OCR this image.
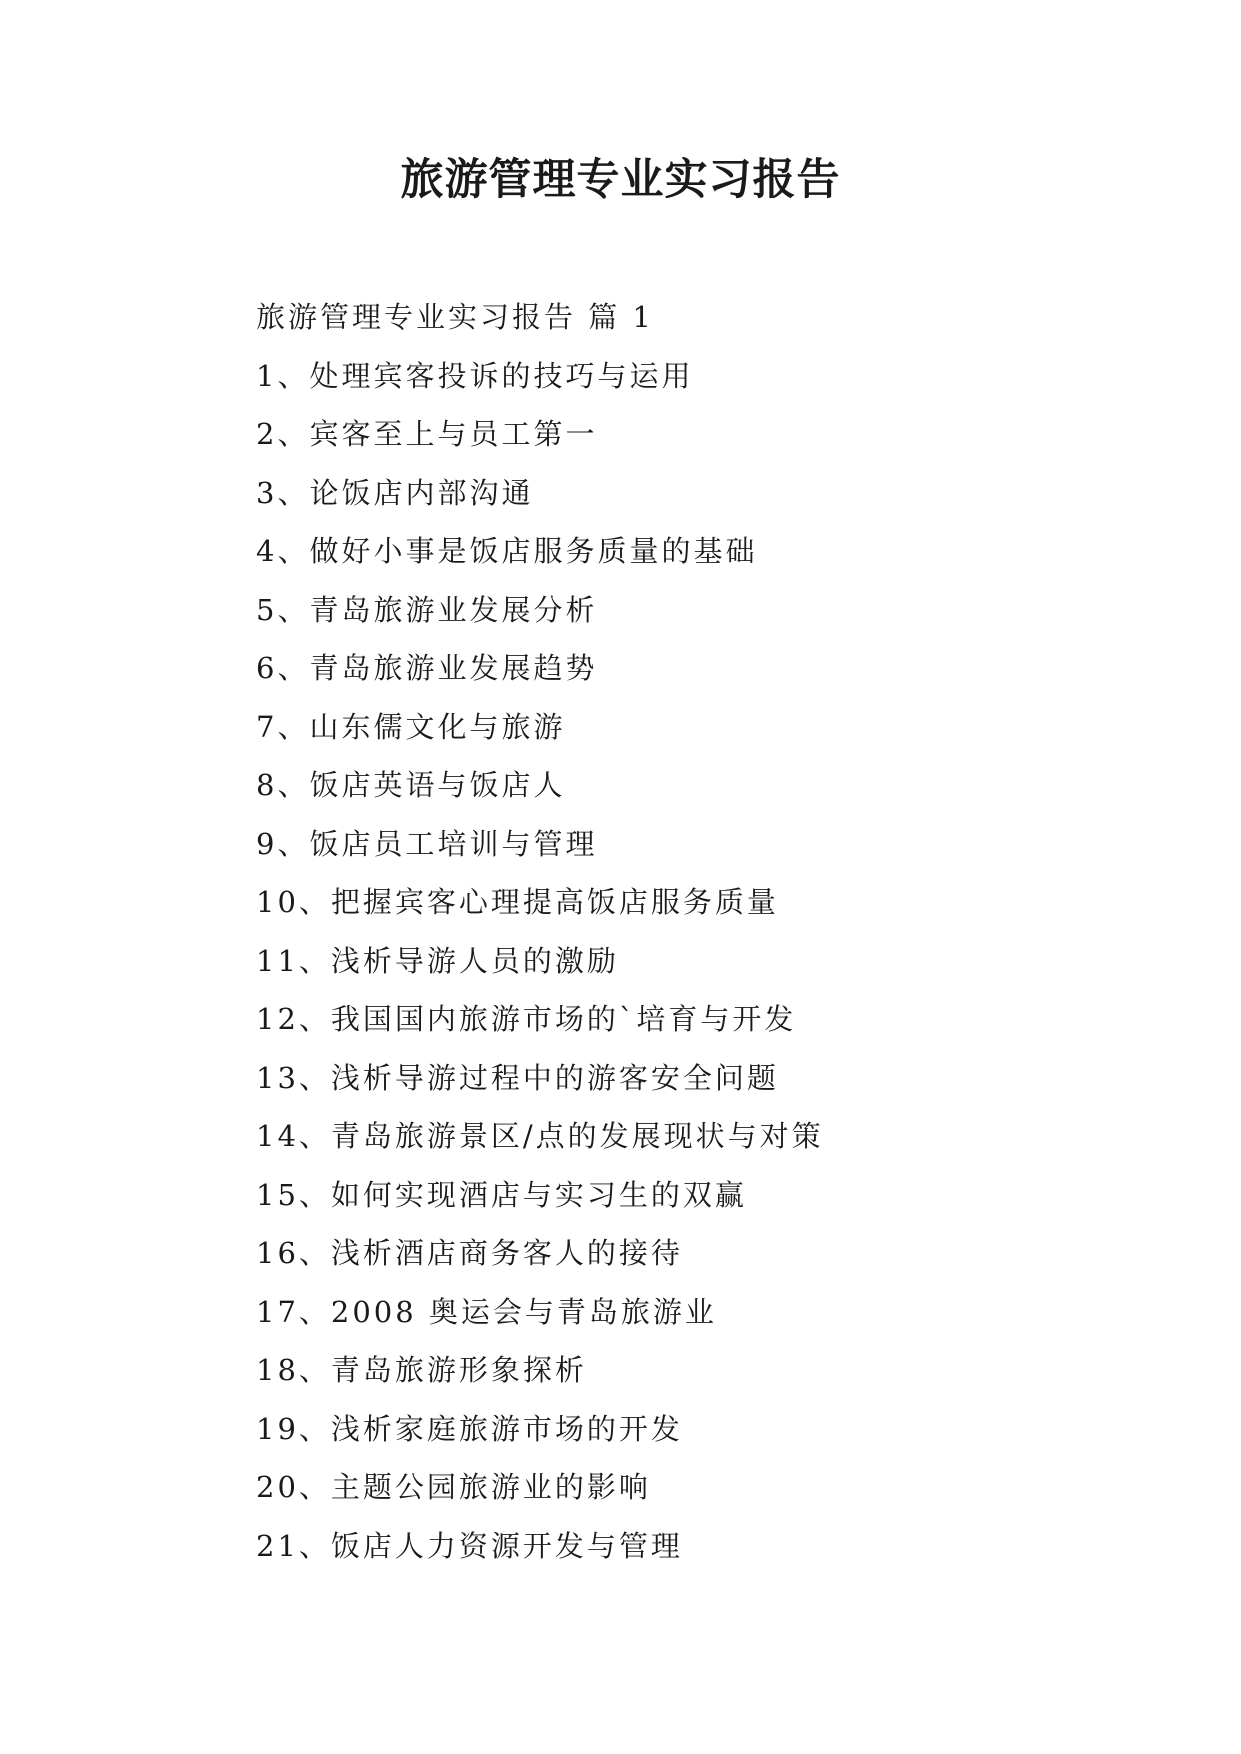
旅游管理专业实习报告
旅游管理专业实习报告 篇 1
1、处理宾客投诉的技巧与运用
2、宾客至上与员工第一
3、论饭店内部沟通
4、做好小事是饭店服务质量的基础
5、青岛旅游业发展分析
6、青岛旅游业发展趋势
7、山东儒文化与旅游
8、饭店英语与饭店人
9、饭店员工培训与管理
10、把握宾客心理提高饭店服务质量
11、浅析导游人员的激励
12、我国国内旅游市场的`培育与开发
13、浅析导游过程中的游客安全问题
14、青岛旅游景区/点的发展现状与对策
15、如何实现酒店与实习生的双赢
16、浅析酒店商务客人的接待
17、2008 奥运会与青岛旅游业
18、青岛旅游形象探析
19、浅析家庭旅游市场的开发
20、主题公园旅游业的影响
21、饭店人力资源开发与管理
